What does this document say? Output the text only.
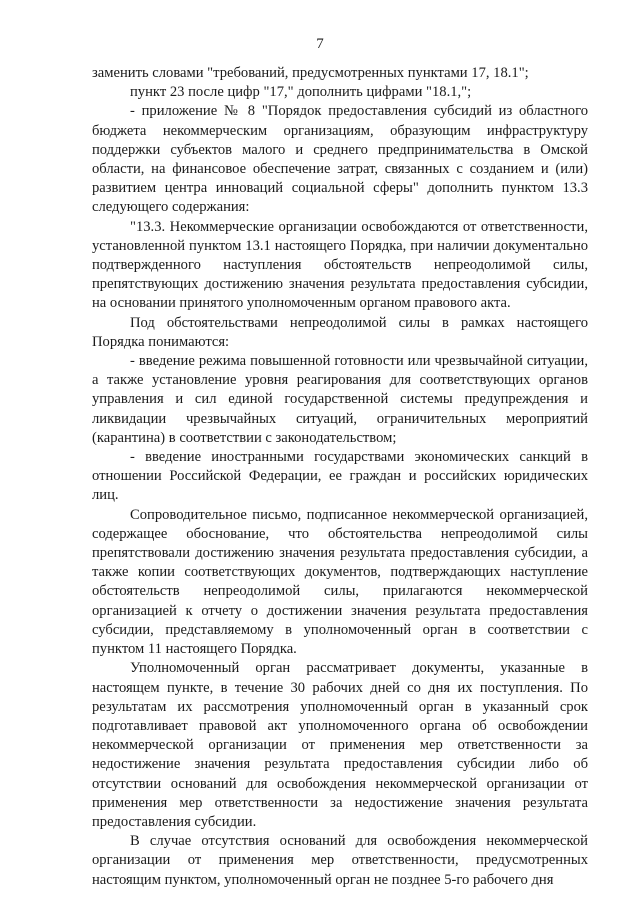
7

заменить словами "требований, предусмотренных пунктами 17, 18.1";

пункт 23 после цифр "17," дополнить цифрами "18.1,";

- приложение № 8 "Порядок предоставления субсидий из областного бюджета некоммерческим организациям, образующим инфраструктуру поддержки субъектов малого и среднего предпринимательства в Омской области, на финансовое обеспечение затрат, связанных с созданием и (или) развитием центра инноваций социальной сферы" дополнить пунктом 13.3 следующего содержания:

"13.3. Некоммерческие организации освобождаются от ответственности, установленной пунктом 13.1 настоящего Порядка, при наличии документально подтвержденного наступления обстоятельств непреодолимой силы, препятствующих достижению значения результата предоставления субсидии, на основании принятого уполномоченным органом правового акта.

Под обстоятельствами непреодолимой силы в рамках настоящего Порядка понимаются:

- введение режима повышенной готовности или чрезвычайной ситуации, а также установление уровня реагирования для соответствующих органов управления и сил единой государственной системы предупреждения и ликвидации чрезвычайных ситуаций, ограничительных мероприятий (карантина) в соответствии с законодательством;

- введение иностранными государствами экономических санкций в отношении Российской Федерации, ее граждан и российских юридических лиц.

Сопроводительное письмо, подписанное некоммерческой организацией, содержащее обоснование, что обстоятельства непреодолимой силы препятствовали достижению значения результата предоставления субсидии, а также копии соответствующих документов, подтверждающих наступление обстоятельств непреодолимой силы, прилагаются некоммерческой организацией к отчету о достижении значения результата предоставления субсидии, представляемому в уполномоченный орган в соответствии с пунктом 11 настоящего Порядка.

Уполномоченный орган рассматривает документы, указанные в настоящем пункте, в течение 30 рабочих дней со дня их поступления. По результатам их рассмотрения уполномоченный орган в указанный срок подготавливает правовой акт уполномоченного органа об освобождении некоммерческой организации от применения мер ответственности за недостижение значения результата предоставления субсидии либо об отсутствии оснований для освобождения некоммерческой организации от применения мер ответственности за недостижение значения результата предоставления субсидии.

В случае отсутствия оснований для освобождения некоммерческой организации от применения мер ответственности, предусмотренных настоящим пунктом, уполномоченный орган не позднее 5-го рабочего дня
